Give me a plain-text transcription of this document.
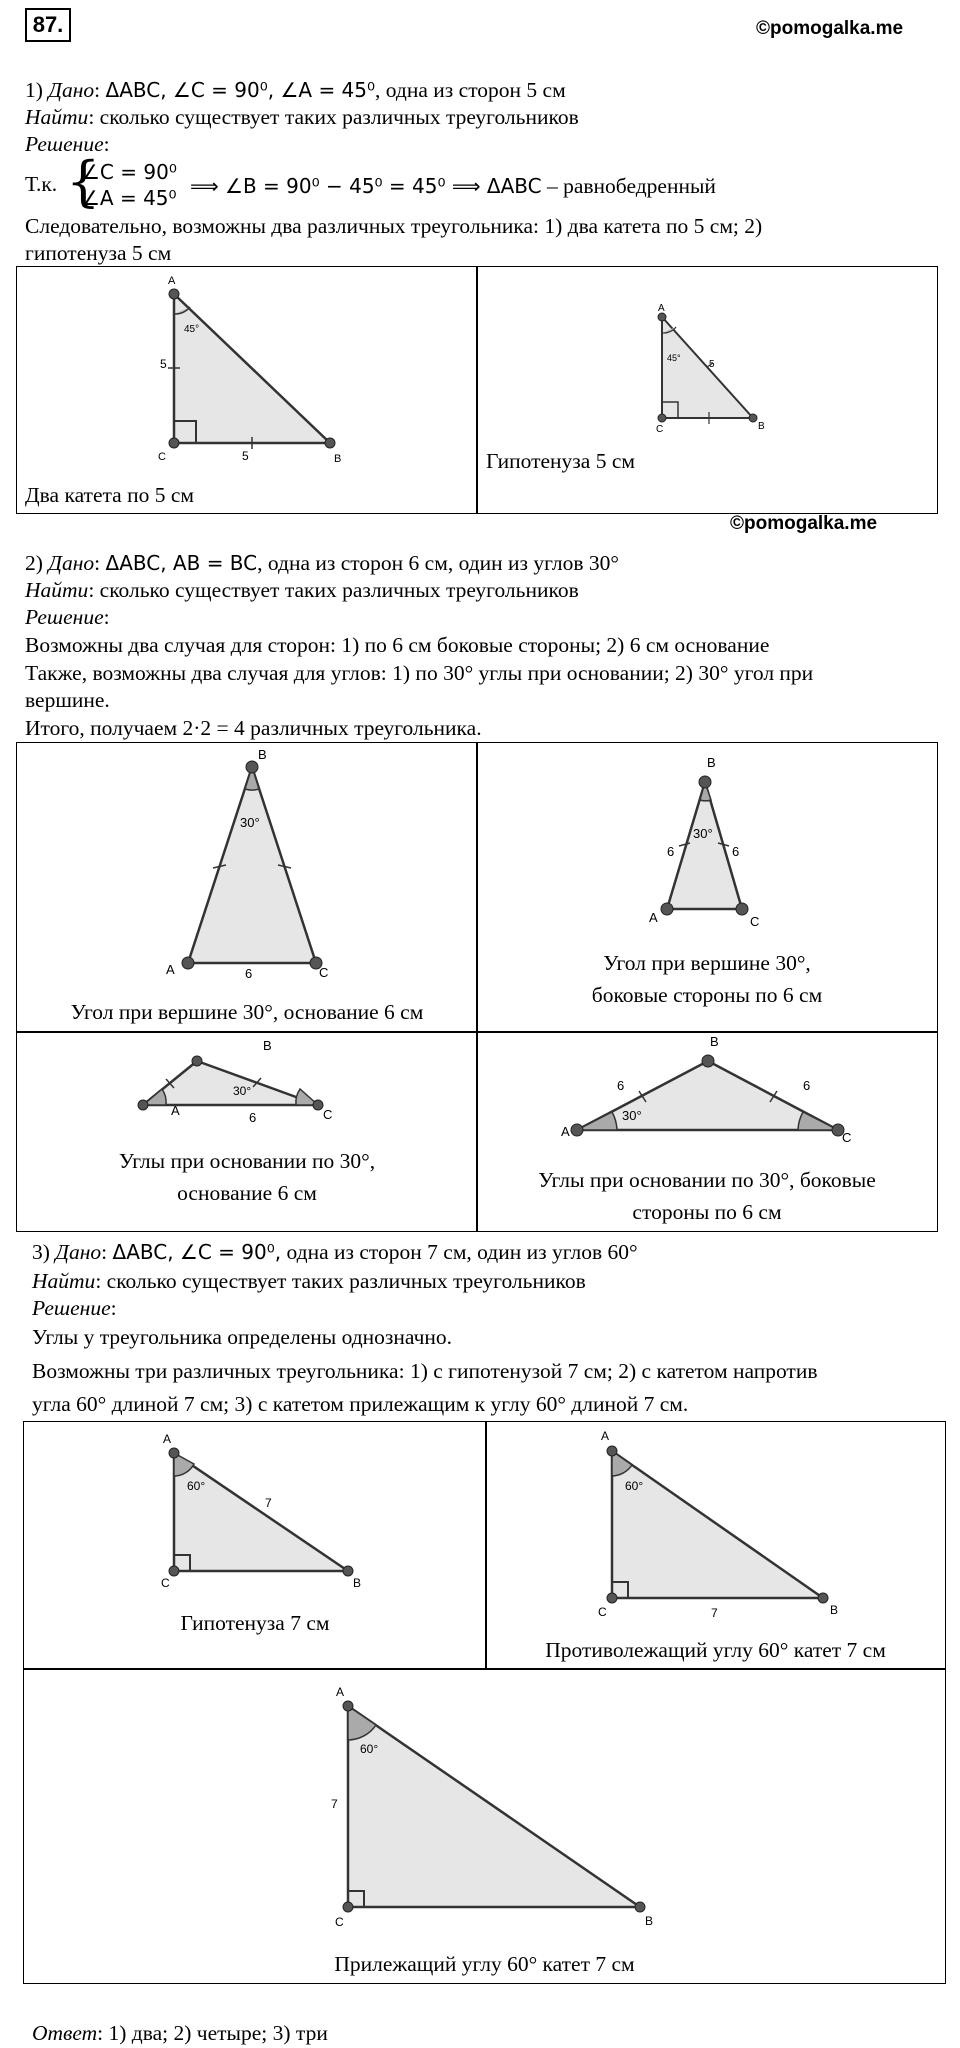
87.	©pomogalka.me
1) Дано: ΔABC, ∠C = 90⁰, ∠A = 45⁰, одна из сторон 5 см
Найти: сколько существует таких различных треугольников
Решение:
Т.к. {
∠C = 90⁰
∠A = 45⁰ ⟹ ∠B = 90⁰ − 45⁰ = 45⁰ ⟹ ΔABC – равнобедренный
Следовательно, возможны два различных треугольника: 1) два катета по 5 см; 2)
гипотенуза 5 см
A
C	B
45°
5
5
A
C	B
45°
5
Два катета по 5 см
Гипотенуза 5 см
©pomogalka.me
2) Дано: ΔABC, AB = BC, одна из сторон 6 см, один из углов 30°
Найти: сколько существует таких различных треугольников
Решение:
Возможны два случая для сторон: 1) по 6 см боковые стороны; 2) 6 см основание
Также, возможны два случая для углов: 1) по 30° углы при основании; 2) 30° угол при
вершине.
Итого, получаем 2·2 = 4 различных треугольника.
B
A	C
30°
6
B
A	C
30°
6	6
B
A	C
30°
6
B
A	C
30°
6	6
Угол при вершине 30°, основание 6 см
Угол при вершине 30°,
боковые стороны по 6 см
Углы при основании по 30°,
основание 6 см
Углы при основании по 30°, боковые
стороны по 6 см
3) Дано: ΔABC, ∠C = 90⁰, одна из сторон 7 см, один из углов 60°
Найти: сколько существует таких различных треугольников
Решение:
Углы у треугольника определены однозначно.
Возможны три различных треугольника: 1) с гипотенузой 7 см; 2) с катетом напротив
угла 60° длиной 7 см; 3) с катетом прилежащим к углу 60° длиной 7 см.
A
C	B
60°
7
A
C	B
60°
7
A
C	B
60°
7
Гипотенуза 7 см
Противолежащий углу 60° катет 7 см
Прилежащий углу 60° катет 7 см
Ответ: 1) два; 2) четыре; 3) три
